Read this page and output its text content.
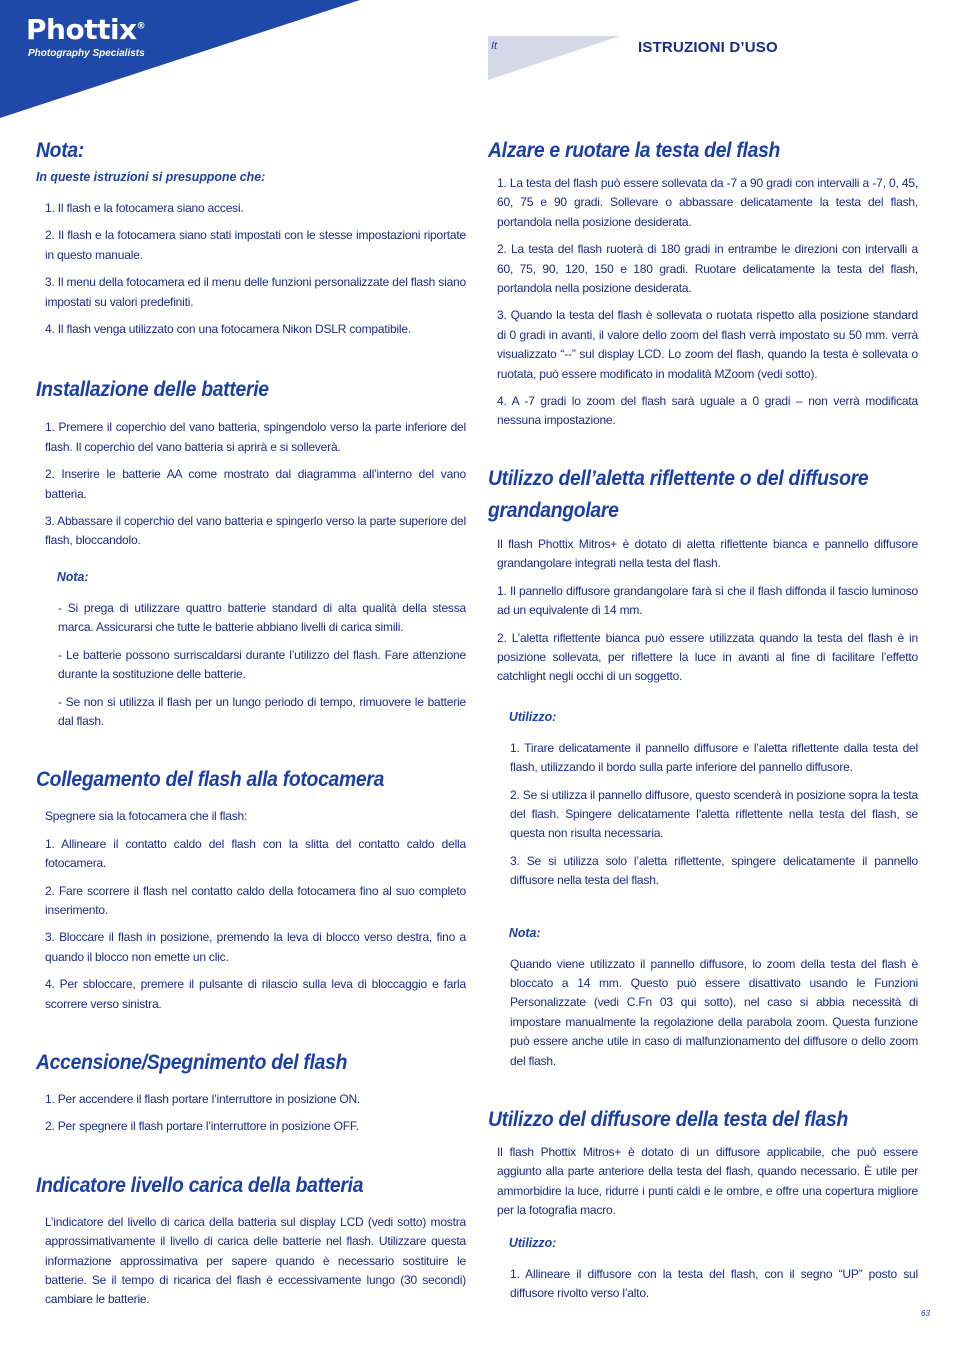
Phottix®
Photography Specialists
It	ISTRUZIONI D’USO
Nota:
In queste istruzioni si presuppone che:

1. Il flash e la fotocamera siano accesi.

2. Il flash e la fotocamera siano stati impostati con le stesse impostazioni riportate in questo manuale.

3. Il menu della fotocamera ed il menu delle funzioni personalizzate del flash siano impostati su valori predefiniti.

4. Il flash venga utilizzato con una fotocamera Nikon DSLR compatibile.

Installazione delle batterie

1. Premere il coperchio del vano batteria, spingendolo verso la parte inferiore del flash. Il coperchio del vano batteria si aprirà e si solleverà.

2. Inserire le batterie AA come mostrato dal diagramma all’interno del vano batteria.

3. Abbassare il coperchio del vano batteria e spingerlo verso la parte superiore del flash, bloccandolo.

Nota:

- Si prega di utilizzare quattro batterie standard di alta qualità della stessa marca. Assicurarsi che tutte le batterie abbiano livelli di carica simili.

- Le batterie possono surriscaldarsi durante l’utilizzo del flash. Fare attenzione durante la sostituzione delle batterie.

- Se non si utilizza il flash per un lungo periodo di tempo, rimuovere le batterie dal flash.

Collegamento del flash alla fotocamera

Spegnere sia la fotocamera che il flash:

1. Allineare il contatto caldo del flash con la slitta del contatto caldo della fotocamera.

2. Fare scorrere il flash nel contatto caldo della fotocamera fino al suo completo inserimento.

3. Bloccare il flash in posizione, premendo la leva di blocco verso destra, fino a quando il blocco non emette un clic.

4. Per sbloccare, premere il pulsante di rilascio sulla leva di bloccaggio e farla scorrere verso sinistra.

Accensione/Spegnimento del flash

1. Per accendere il flash portare l’interruttore in posizione ON.

2. Per spegnere il flash portare l’interruttore in posizione OFF.

Indicatore livello carica della batteria

L’indicatore del livello di carica della batteria sul display LCD (vedi sotto) mostra approssimativamente il livello di carica delle batterie nel flash. Utilizzare questa informazione approssimativa per sapere quando è necessario sostituire le batterie. Se il tempo di ricarica del flash è eccessivamente lungo (30 secondi) cambiare le batterie.

Alzare e ruotare la testa del flash

1. La testa del flash può essere sollevata da -7 a 90 gradi con intervalli a -7, 0, 45, 60, 75 e 90 gradi. Sollevare o abbassare delicatamente la testa del flash, portandola nella posizione desiderata.

2. La testa del flash ruoterà di 180 gradi in entrambe le direzioni con intervalli a 60, 75, 90, 120, 150 e 180 gradi. Ruotare delicatamente la testa del flash, portandola nella posizione desiderata.

3. Quando la testa del flash è sollevata o ruotata rispetto alla posizione standard di 0 gradi in avanti, il valore dello zoom del flash verrà impostato su 50 mm. verrà visualizzato “--” sul display LCD. Lo zoom del flash, quando la testa è sollevata o ruotata, può essere modificato in modalità MZoom (vedi sotto).

4. A -7 gradi lo zoom del flash sarà uguale a 0 gradi – non verrà modificata nessuna impostazione.

Utilizzo dell’aletta riflettente o del diffusore grandangolare

Il flash Phottix Mitros+ è dotato di aletta riflettente bianca e pannello diffusore grandangolare integrati nella testa del flash.

1. Il pannello diffusore grandangolare farà sì che il flash diffonda il fascio luminoso ad un equivalente di 14 mm.

2. L’aletta riflettente bianca può essere utilizzata quando la testa del flash è in posizione sollevata, per riflettere la luce in avanti al fine di facilitare l’effetto catchlight negli occhi di un soggetto.

Utilizzo:

1. Tirare delicatamente il pannello diffusore e l’aletta riflettente dalla testa del flash, utilizzando il bordo sulla parte inferiore del pannello diffusore.

2. Se si utilizza il pannello diffusore, questo scenderà in posizione sopra la testa del flash. Spingere delicatamente l’aletta riflettente nella testa del flash, se questa non risulta necessaria.

3. Se si utilizza solo l’aletta riflettente, spingere delicatamente il pannello diffusore nella testa del flash.

Nota:

Quando viene utilizzato il pannello diffusore, lo zoom della testa del flash è bloccato a 14 mm. Questo può essere disattivato usando le Funzioni Personalizzate (vedi C.Fn 03 qui sotto), nel caso si abbia necessità di impostare manualmente la regolazione della parabola zoom. Questa funzione può essere anche utile in caso di malfunzionamento del diffusore o dello zoom del flash.

Utilizzo del diffusore della testa del flash

Il flash Phottix Mitros+ è dotato di un diffusore applicabile, che può essere aggiunto alla parte anteriore della testa del flash, quando necessario. È utile per ammorbidire la luce, ridurre i punti caldi e le ombre, e offre una copertura migliore per la fotografia macro.

Utilizzo:

1. Allineare il diffusore con la testa del flash, con il segno “UP” posto sul diffusore rivolto verso l’alto.

63
